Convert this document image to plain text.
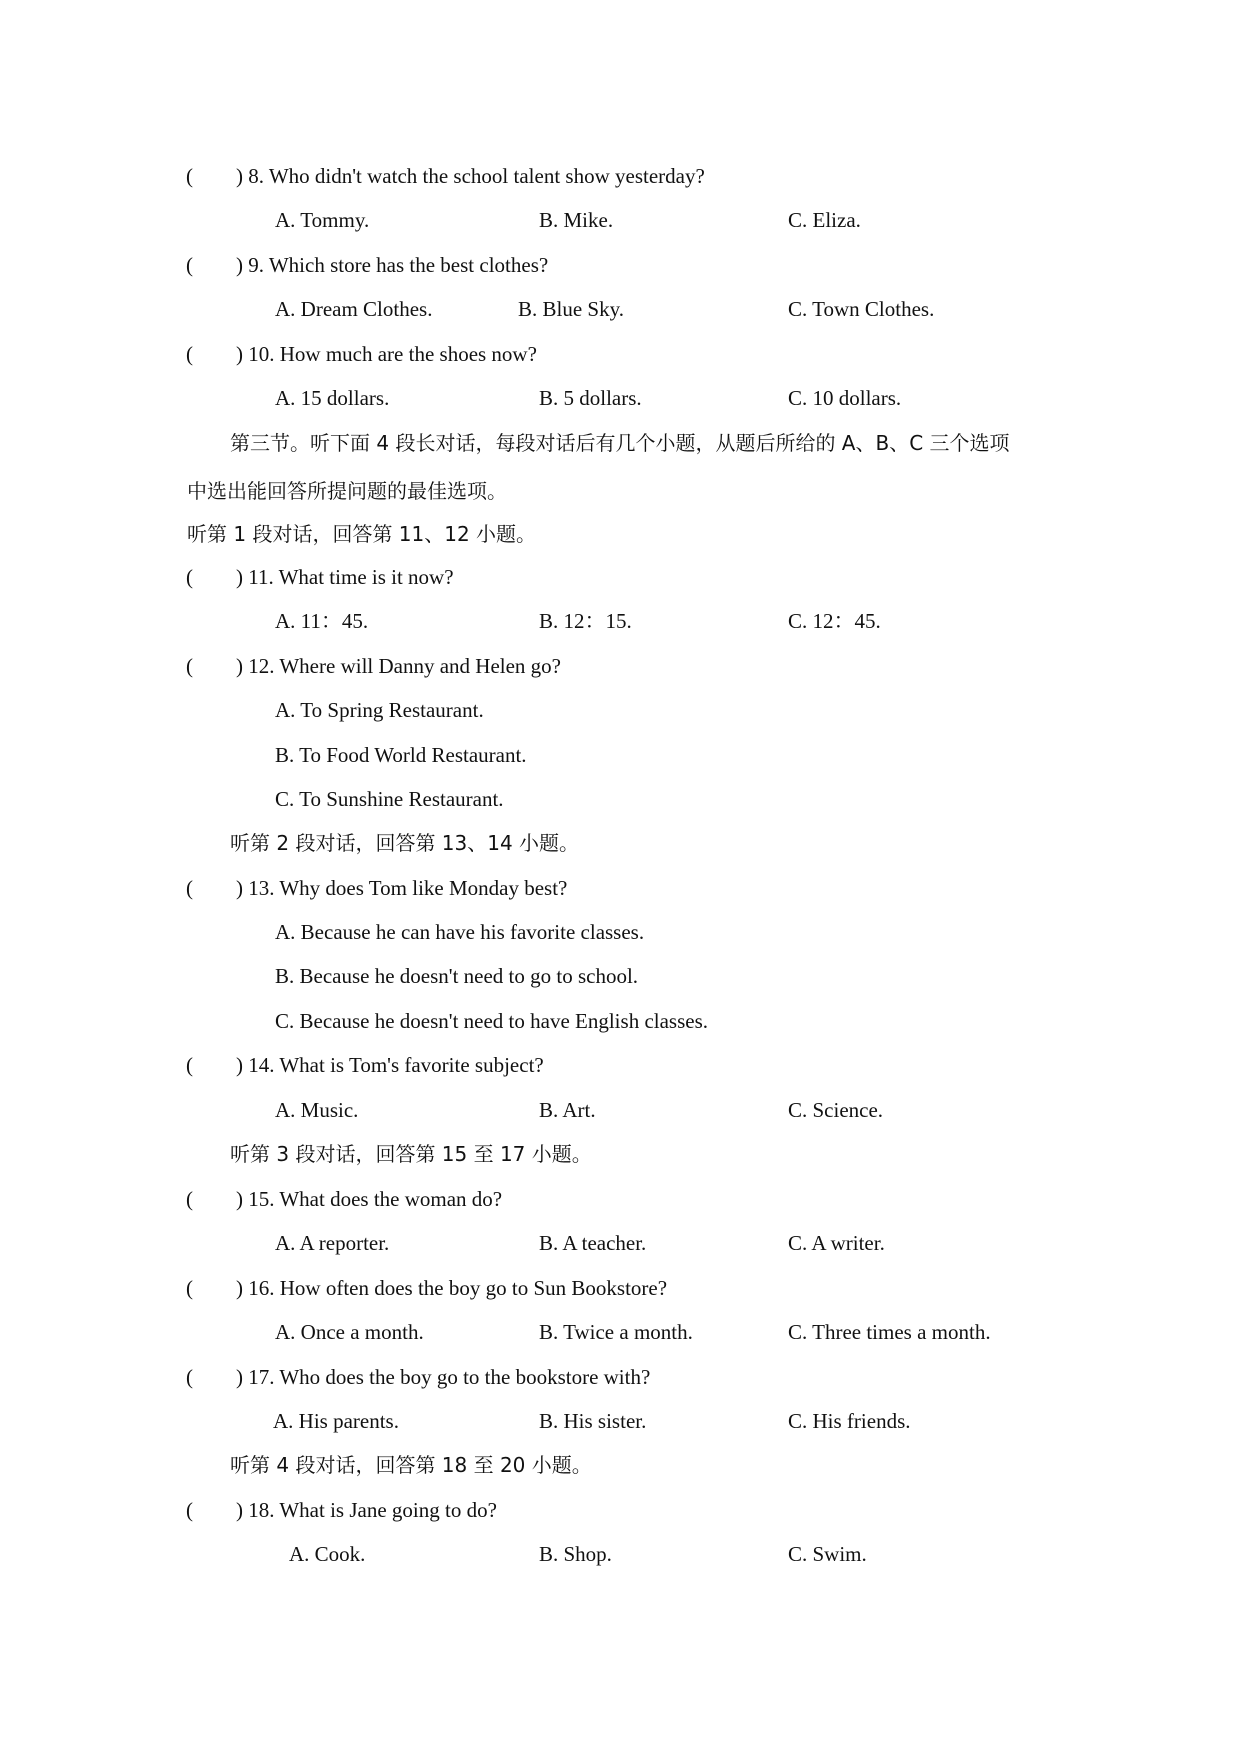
( ) 8. Who didn't watch the school talent show yesterday?
A. Tommy.	B. Mike.	C. Eliza.
( ) 9. Which store has the best clothes?
A. Dream Clothes.	B. Blue Sky.	C. Town Clothes.
( ) 10. How much are the shoes now?
A. 15 dollars.	B. 5 dollars.	C. 10 dollars.
第三节。听下面 4 段长对话，每段对话后有几个小题，从题后所给的 A、B、C 三个选项
中选出能回答所提问题的最佳选项。
听第 1 段对话，回答第 11、12 小题。
( ) 11. What time is it now?
A. 11：45.	B. 12：15.	C. 12：45.
( ) 12. Where will Danny and Helen go?
A. To Spring Restaurant.
B. To Food World Restaurant.
C. To Sunshine Restaurant.
听第 2 段对话，回答第 13、14 小题。
( ) 13. Why does Tom like Monday best?
A. Because he can have his favorite classes.
B. Because he doesn't need to go to school.
C. Because he doesn't need to have English classes.
( ) 14. What is Tom's favorite subject?
A. Music.	B. Art.	C. Science.
听第 3 段对话，回答第 15 至 17 小题。
( ) 15. What does the woman do?
A. A reporter.	B. A teacher.	C. A writer.
( ) 16. How often does the boy go to Sun Bookstore?
A. Once a month.	B. Twice a month.	C. Three times a month.
( ) 17. Who does the boy go to the bookstore with?
A. His parents.	B. His sister.	C. His friends.
听第 4 段对话，回答第 18 至 20 小题。
( ) 18. What is Jane going to do?
A. Cook.	B. Shop.	C. Swim.
